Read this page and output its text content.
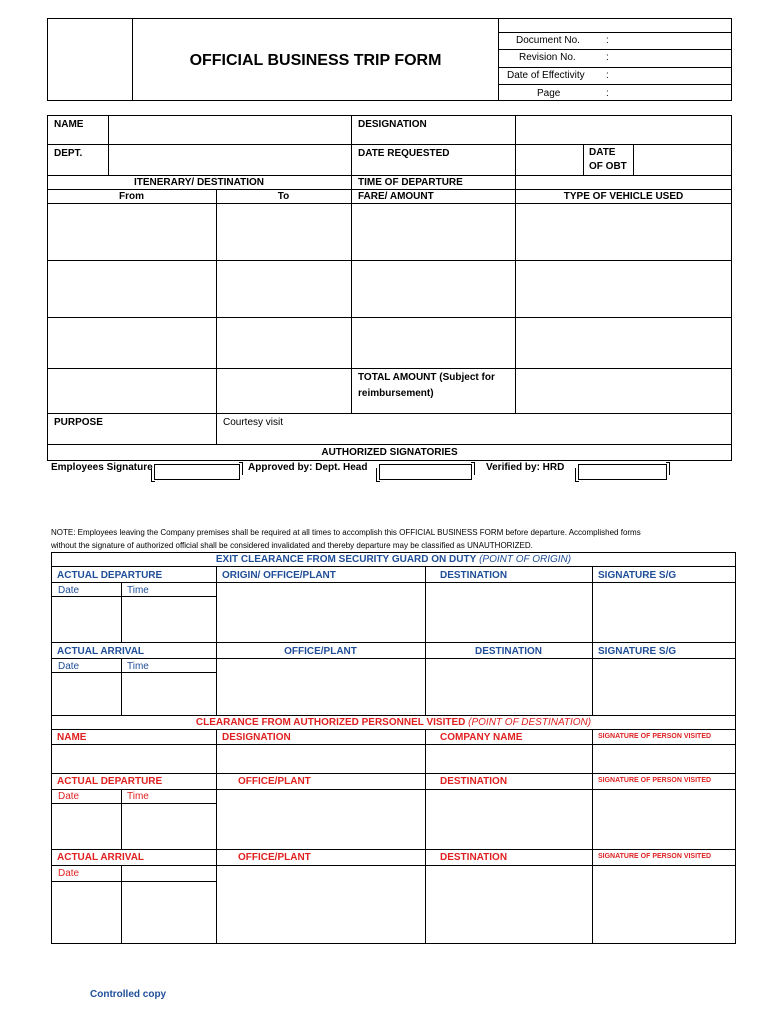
OFFICIAL BUSINESS TRIP FORM
Document No.	:
Revision No.	:
Date of Effectivity :
Page	:
NAME	DESIGNATION
DEPT.	DATE REQUESTED	DATE
OF OBT
ITENERARY/ DESTINATION	TIME OF DEPARTURE
From	To	FARE/ AMOUNT	TYPE OF VEHICLE USED
TOTAL AMOUNT (Subject for
reimbursement)
PURPOSE	Courtesy visit
AUTHORIZED SIGNATORIES
Employees Signature	Approved by: Dept. Head	Verified by: HRD
NOTE: Employees leaving the Company premises shall be required at all times to accomplish this OFFICIAL BUSINESS FORM before departure. Accomplished forms
without the signature of authorized official shall be considered invalidated and thereby departure may be classified as UNAUTHORIZED.
EXIT CLEARANCE FROM SECURITY GUARD ON DUTY (POINT OF ORIGIN)
ACTUAL DEPARTURE	ORIGIN/ OFFICE/PLANT	DESTINATION	SIGNATURE S/G
Date	Time
ACTUAL ARRIVAL	OFFICE/PLANT	DESTINATION	SIGNATURE S/G
Date	Time
CLEARANCE FROM AUTHORIZED PERSONNEL VISITED (POINT OF DESTINATION)
NAME	DESIGNATION	COMPANY NAME	SIGNATURE OF PERSON VISITED
ACTUAL DEPARTURE	OFFICE/PLANT	DESTINATION	SIGNATURE OF PERSON VISITED
Date	Time
ACTUAL ARRIVAL	OFFICE/PLANT	DESTINATION	SIGNATURE OF PERSON VISITED
Date
Controlled copy
